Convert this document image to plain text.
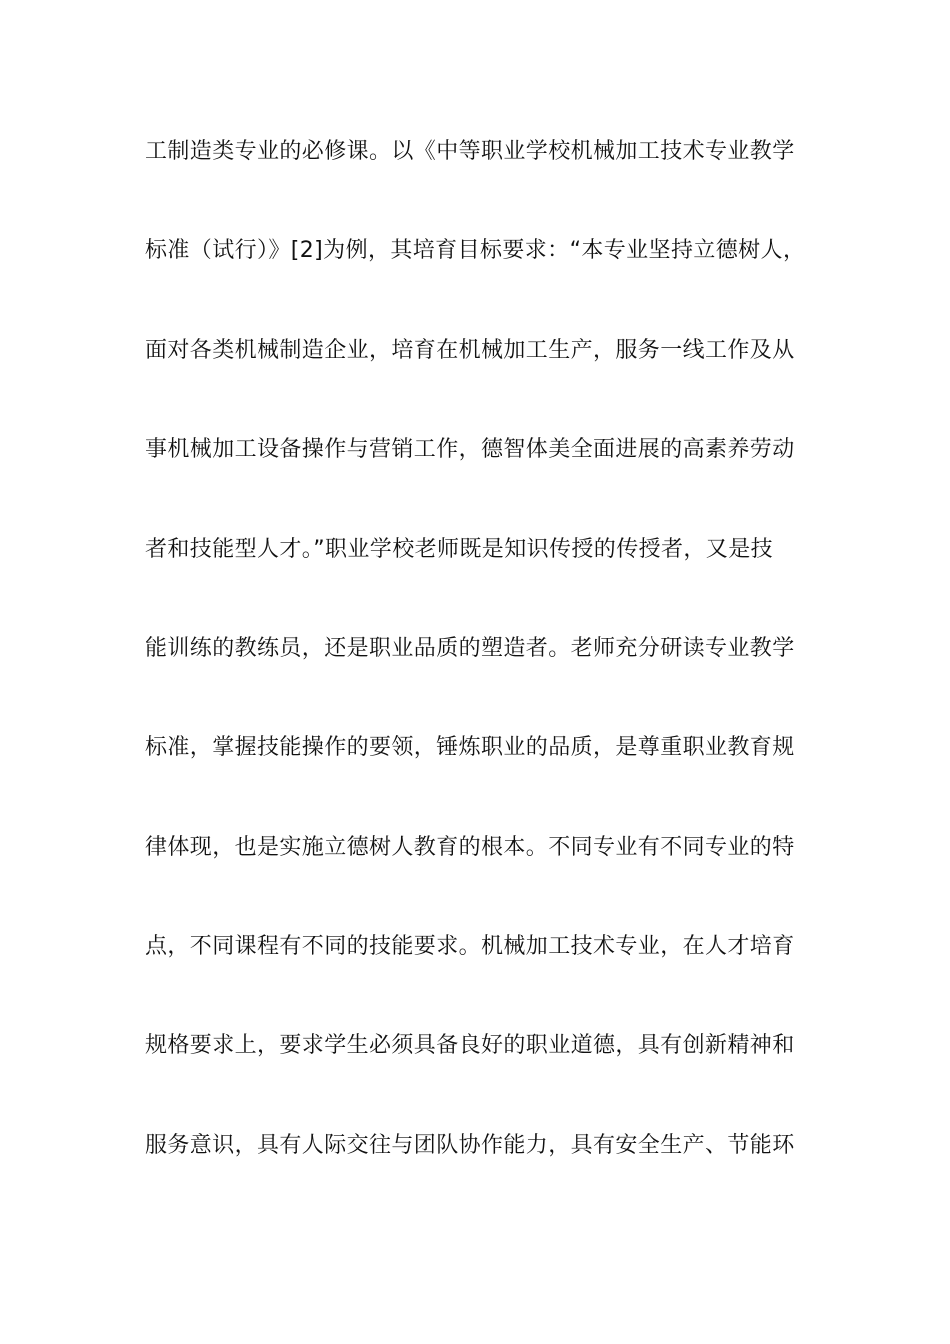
工制造类专业的必修课。以《中等职业学校机械加工技术专业教学
标准（试行）》[2]为例，其培育目标要求：“本专业坚持立德树人，
面对各类机械制造企业，培育在机械加工生产，服务一线工作及从
事机械加工设备操作与营销工作，德智体美全面进展的高素养劳动
者和技能型人才。”职业学校老师既是知识传授的传授者，又是技
能训练的教练员，还是职业品质的塑造者。老师充分研读专业教学
标准，掌握技能操作的要领，锤炼职业的品质，是尊重职业教育规
律体现，也是实施立德树人教育的根本。不同专业有不同专业的特
点，不同课程有不同的技能要求。机械加工技术专业，在人才培育
规格要求上，要求学生必须具备良好的职业道德，具有创新精神和
服务意识，具有人际交往与团队协作能力，具有安全生产、节能环
